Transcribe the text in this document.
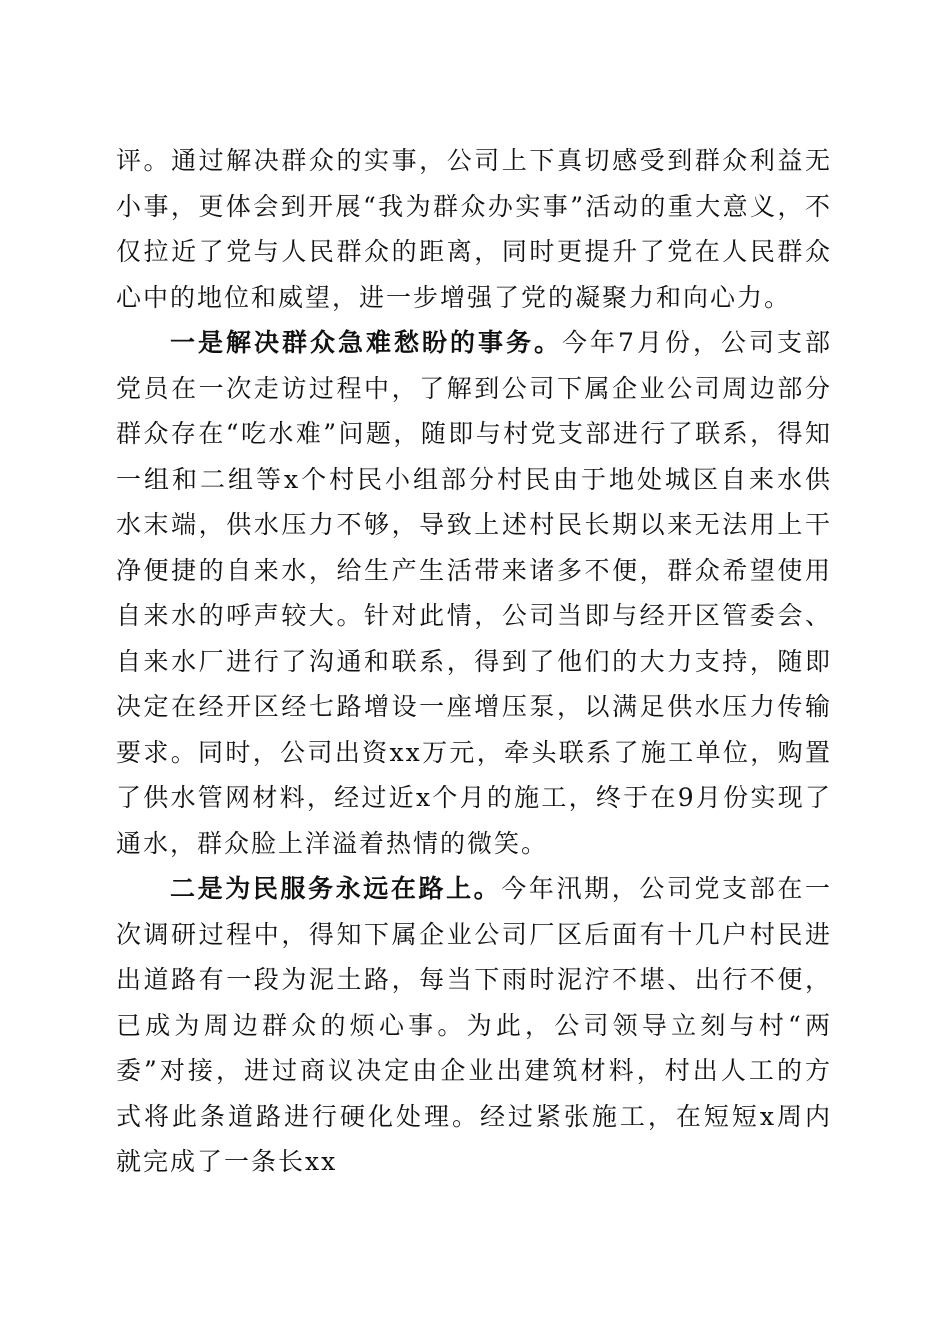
评。通过解决群众的实事，公司上下真切感受到群众利益无小事，更体会到开展“我为群众办实事”活动的重大意义，不仅拉近了党与人民群众的距离，同时更提升了党在人民群众心中的地位和威望，进一步增强了党的凝聚力和向心力。

一是解决群众急难愁盼的事务。今年7月份，公司支部党员在一次走访过程中，了解到公司下属企业公司周边部分群众存在“吃水难”问题，随即与村党支部进行了联系，得知一组和二组等x个村民小组部分村民由于地处城区自来水供水末端，供水压力不够，导致上述村民长期以来无法用上干净便捷的自来水，给生产生活带来诸多不便，群众希望使用自来水的呼声较大。针对此情，公司当即与经开区管委会、自来水厂进行了沟通和联系，得到了他们的大力支持，随即决定在经开区经七路增设一座增压泵，以满足供水压力传输要求。同时，公司出资xx万元，牵头联系了施工单位，购置了供水管网材料，经过近x个月的施工，终于在9月份实现了通水，群众脸上洋溢着热情的微笑。

二是为民服务永远在路上。今年汛期，公司党支部在一次调研过程中，得知下属企业公司厂区后面有十几户村民进出道路有一段为泥土路，每当下雨时泥泞不堪、出行不便，已成为周边群众的烦心事。为此，公司领导立刻与村“两委”对接，进过商议决定由企业出建筑材料，村出人工的方式将此条道路进行硬化处理。经过紧张施工，在短短x周内就完成了一条长xx
